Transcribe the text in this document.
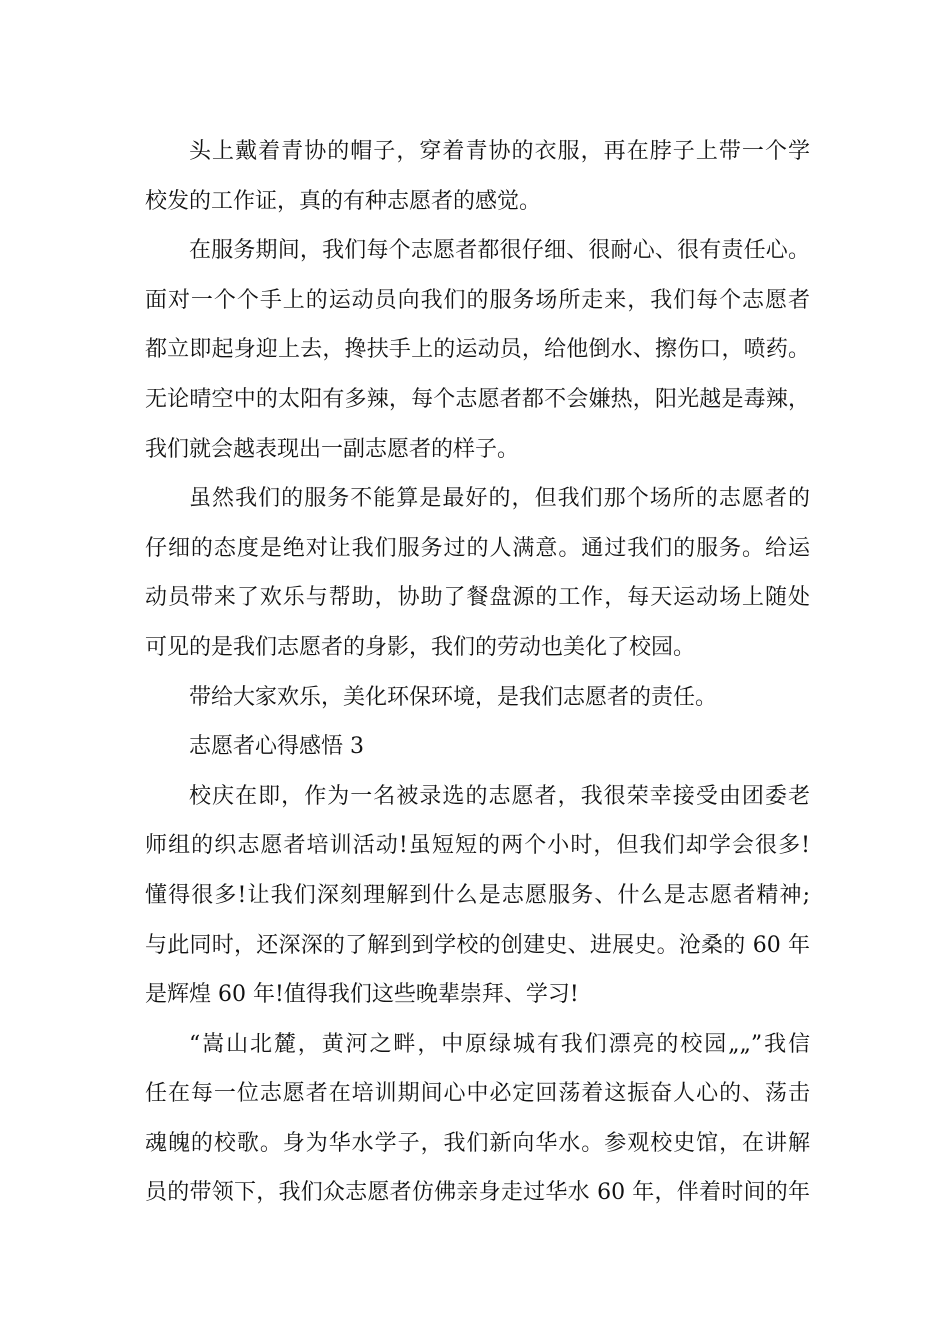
头上戴着青协的帽子，穿着青协的衣服，再在脖子上带一个学
校发的工作证，真的有种志愿者的感觉。
在服务期间，我们每个志愿者都很仔细、很耐心、很有责任心。
面对一个个手上的运动员向我们的服务场所走来，我们每个志愿者
都立即起身迎上去，搀扶手上的运动员，给他倒水、擦伤口，喷药。
无论晴空中的太阳有多辣，每个志愿者都不会嫌热，阳光越是毒辣，
我们就会越表现出一副志愿者的样子。
虽然我们的服务不能算是最好的，但我们那个场所的志愿者的
仔细的态度是绝对让我们服务过的人满意。通过我们的服务。给运
动员带来了欢乐与帮助，协助了餐盘源的工作，每天运动场上随处
可见的是我们志愿者的身影，我们的劳动也美化了校园。
带给大家欢乐，美化环保环境，是我们志愿者的责任。
志愿者心得感悟 3
校庆在即，作为一名被录选的志愿者，我很荣幸接受由团委老
师组的织志愿者培训活动!虽短短的两个小时，但我们却学会很多!
懂得很多!让我们深刻理解到什么是志愿服务、什么是志愿者精神;
与此同时，还深深的了解到到学校的创建史、进展史。沧桑的 60 年
是辉煌 60 年!值得我们这些晚辈崇拜、学习!
“嵩山北麓，黄河之畔，中原绿城有我们漂亮的校园„„”我信
任在每一位志愿者在培训期间心中必定回荡着这振奋人心的、荡击
魂魄的校歌。身为华水学子，我们新向华水。参观校史馆，在讲解
员的带领下，我们众志愿者仿佛亲身走过华水 60 年，伴着时间的年
